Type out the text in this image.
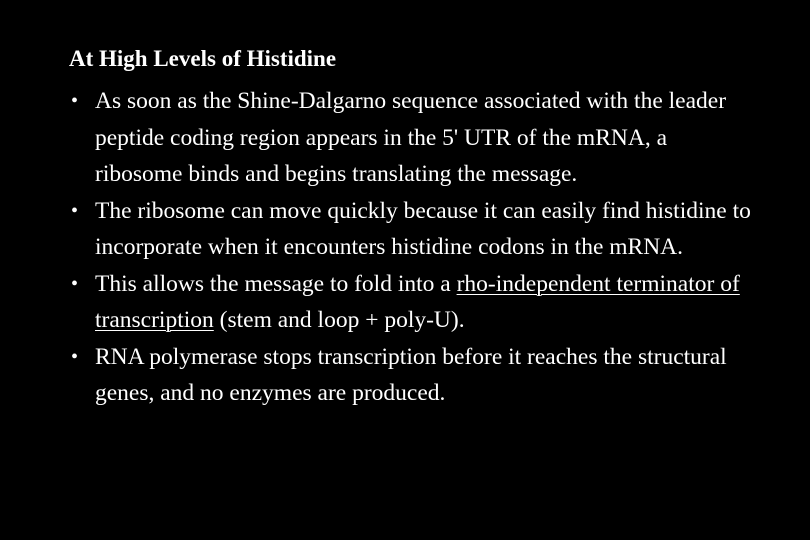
At High Levels of Histidine
• As soon as the Shine-Dalgarno sequence associated with the leader peptide coding region appears in the 5' UTR of the mRNA, a ribosome binds and begins translating the message.
• The ribosome can move quickly because it can easily find histidine to incorporate when it encounters histidine codons in the mRNA.
• This allows the message to fold into a rho-independent terminator of transcription (stem and loop + poly-U).
• RNA polymerase stops transcription before it reaches the structural genes, and no enzymes are produced.
